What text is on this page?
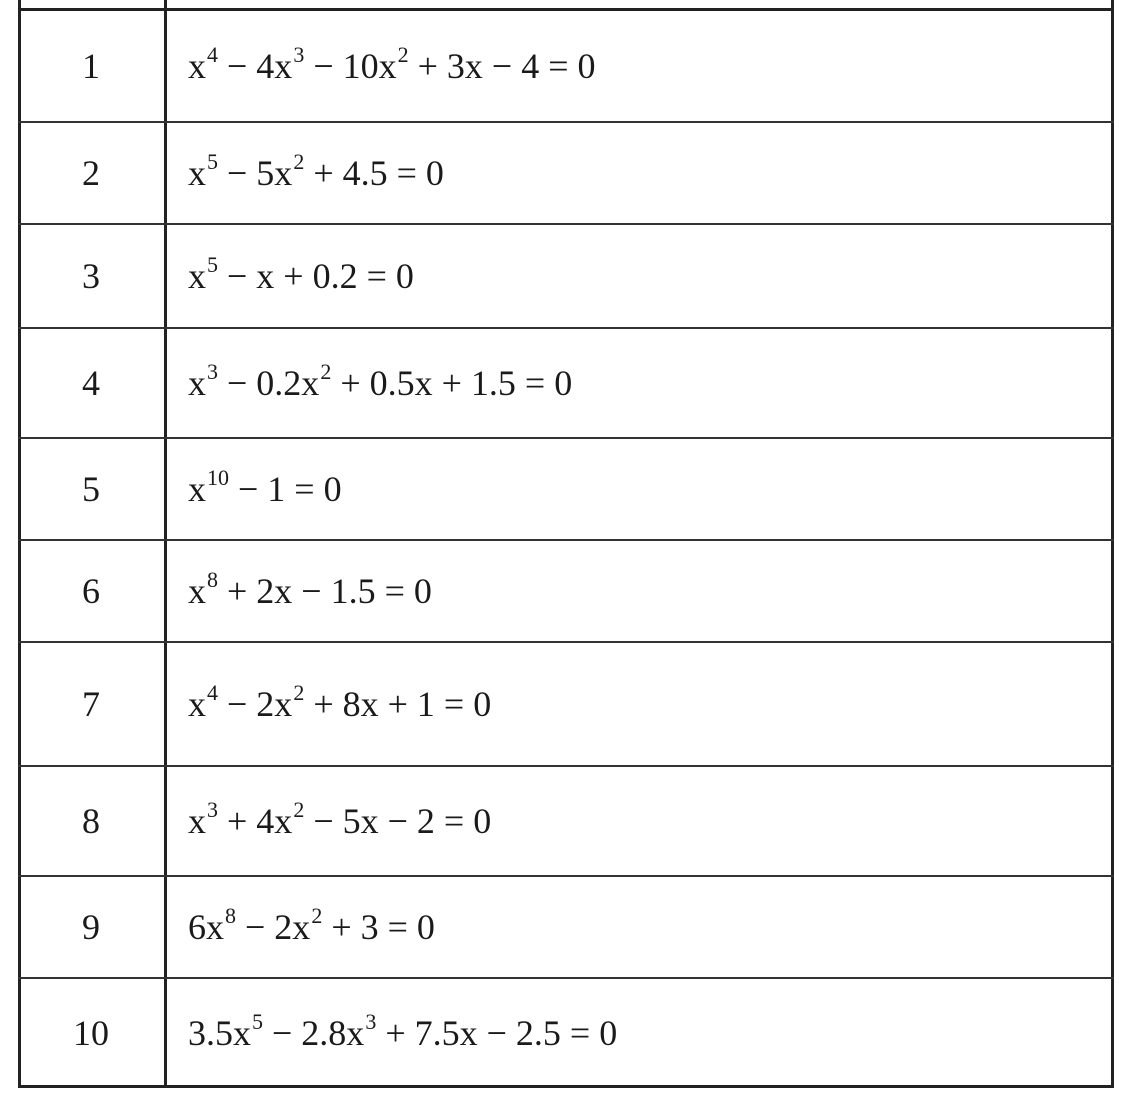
1	$x^4 - 4x^3 - 10x^2 + 3x - 4 = 0$
2	$x^5 - 5x^2 + 4.5 = 0$
3	$x^5 - x + 0.2 = 0$
4	$x^3 - 0.2x^2 + 0.5x + 1.5 = 0$
5	$x^{10} - 1 = 0$
6	$x^8 + 2x - 1.5 = 0$
7	$x^4 - 2x^2 + 8x + 1 = 0$
8	$x^3 + 4x^2 - 5x - 2 = 0$
9	$6x^8 - 2x^2 + 3 = 0$
10	$3.5x^5 - 2.8x^3 + 7.5x - 2.5 = 0$
